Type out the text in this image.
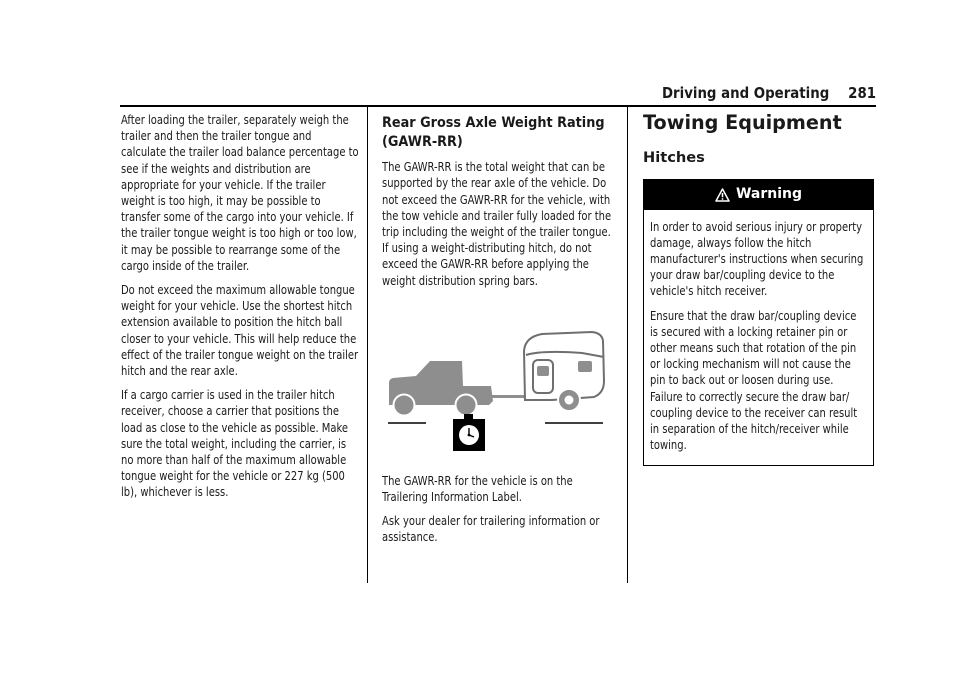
Driving and Operating 281

After loading the trailer, separately weigh the trailer and then the trailer tongue and calculate the trailer load balance percentage to see if the weights and distribution are appropriate for your vehicle. If the trailer weight is too high, it may be possible to transfer some of the cargo into your vehicle. If the trailer tongue weight is too high or too low, it may be possible to rearrange some of the cargo inside of the trailer.

Do not exceed the maximum allowable tongue weight for your vehicle. Use the shortest hitch extension available to position the hitch ball closer to your vehicle. This will help reduce the effect of the trailer tongue weight on the trailer hitch and the rear axle.

If a cargo carrier is used in the trailer hitch receiver, choose a carrier that positions the load as close to the vehicle as possible. Make sure the total weight, including the carrier, is no more than half of the maximum allowable tongue weight for the vehicle or 227 kg (500 lb), whichever is less.

Rear Gross Axle Weight Rating
(GAWR-RR)

The GAWR-RR is the total weight that can be supported by the rear axle of the vehicle. Do not exceed the GAWR-RR for the vehicle, with the tow vehicle and trailer fully loaded for the trip including the weight of the trailer tongue. If using a weight-distributing hitch, do not exceed the GAWR-RR before applying the weight distribution spring bars.

The GAWR-RR for the vehicle is on the Trailering Information Label.

Ask your dealer for trailering information or assistance.

Towing Equipment
Hitches
Warning

In order to avoid serious injury or property damage, always follow the hitch manufacturer's instructions when securing your draw bar/coupling device to the vehicle's hitch receiver.

Ensure that the draw bar/coupling device is secured with a locking retainer pin or other means such that rotation of the pin or locking mechanism will not cause the pin to back out or loosen during use. Failure to correctly secure the draw bar/ coupling device to the receiver can result in separation of the hitch/receiver while towing.
